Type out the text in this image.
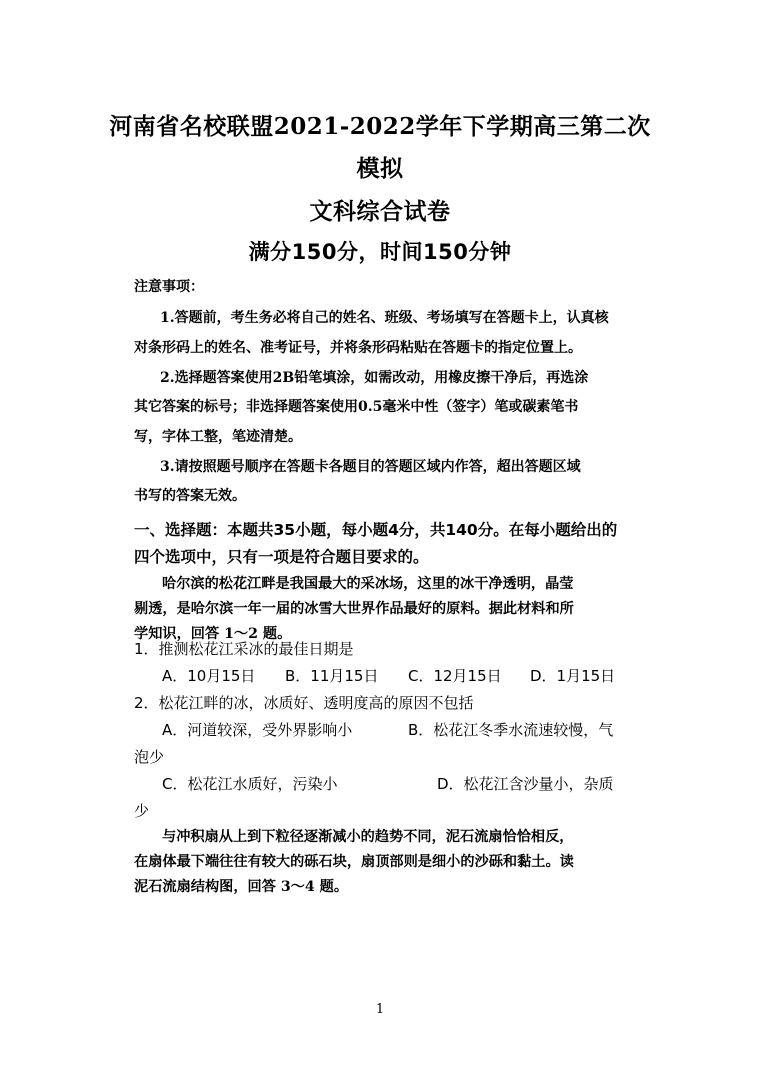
河南省名校联盟2021-2022学年下学期高三第二次
模拟
文科综合试卷
满分150分，时间150分钟
注意事项：
1.答题前，考生务必将自己的姓名、班级、考场填写在答题卡上，认真核
对条形码上的姓名、准考证号，并将条形码粘贴在答题卡的指定位置上。
2.选择题答案使用2B铅笔填涂，如需改动，用橡皮擦干净后，再选涂
其它答案的标号；非选择题答案使用0.5毫米中性（签字）笔或碳素笔书
写，字体工整，笔迹清楚。
3.请按照题号顺序在答题卡各题目的答题区域内作答，超出答题区域
书写的答案无效。
一、选择题：本题共35小题，每小题4分，共140分。在每小题给出的
四个选项中，只有一项是符合题目要求的。
哈尔滨的松花江畔是我国最大的采冰场，这里的冰干净透明，晶莹
剔透，是哈尔滨一年一届的冰雪大世界作品最好的原料。据此材料和所
学知识，回答 1～2 题。
1．推测松花江采冰的最佳日期是
A．10月15日 B．11月15日 C．12月15日 D．1月15日
2．松花江畔的冰，冰质好、透明度高的原因不包括
A．河道较深，受外界影响小	B．松花江冬季水流速较慢，气
泡少
C．松花江水质好，污染小	D．松花江含沙量小，杂质
少
与冲积扇从上到下粒径逐渐减小的趋势不同，泥石流扇恰恰相反，
在扇体最下端往往有较大的砾石块，扇顶部则是细小的沙砾和黏土。读
泥石流扇结构图，回答 3～4 题。
1
